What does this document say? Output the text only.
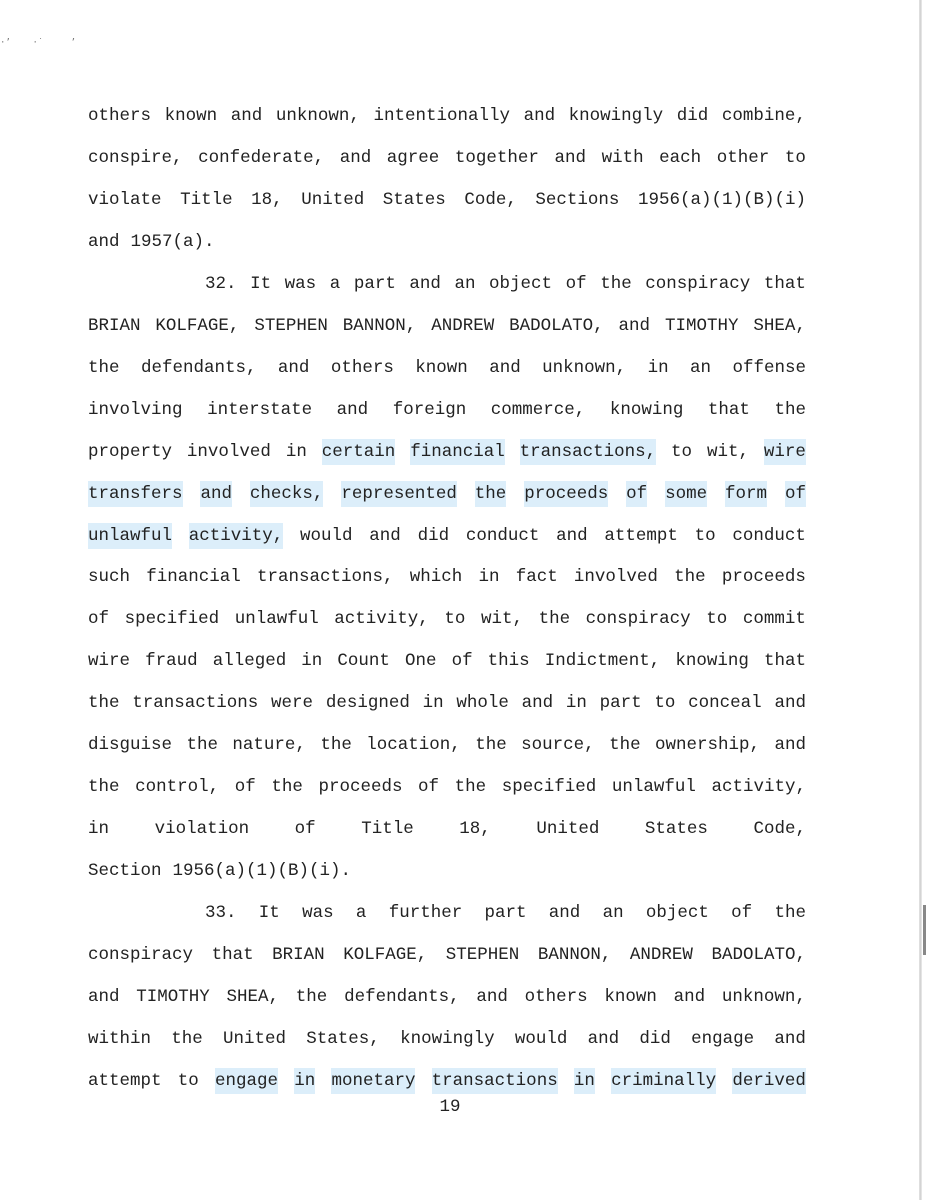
·’    ·˙     ’
others known and unknown, intentionally and knowingly did combine,
conspire, confederate, and agree together and with each other to
violate Title 18, United States Code, Sections 1956(a)(1)(B)(i)
and 1957(a).
32. It was a part and an object of the conspiracy that
BRIAN KOLFAGE, STEPHEN BANNON, ANDREW BADOLATO, and TIMOTHY SHEA,
the defendants, and others known and unknown, in an offense
involving interstate and foreign commerce, knowing that the
property involved in certain financial transactions, to wit, wire
transfers and checks, represented the proceeds of some form of
unlawful activity, would and did conduct and attempt to conduct
such financial transactions, which in fact involved the proceeds
of specified unlawful activity, to wit, the conspiracy to commit
wire fraud alleged in Count One of this Indictment, knowing that
the transactions were designed in whole and in part to conceal and
disguise the nature, the location, the source, the ownership, and
the control, of the proceeds of the specified unlawful activity,
in	violation	of	Title	18,	United	States	Code,
Section 1956(a)(1)(B)(i).
33. It was a further part and an object of the
conspiracy that BRIAN KOLFAGE, STEPHEN BANNON, ANDREW BADOLATO,
and TIMOTHY SHEA, the defendants, and others known and unknown,
within the United States, knowingly would and did engage and
attempt to engage in monetary transactions in criminally derived
19
